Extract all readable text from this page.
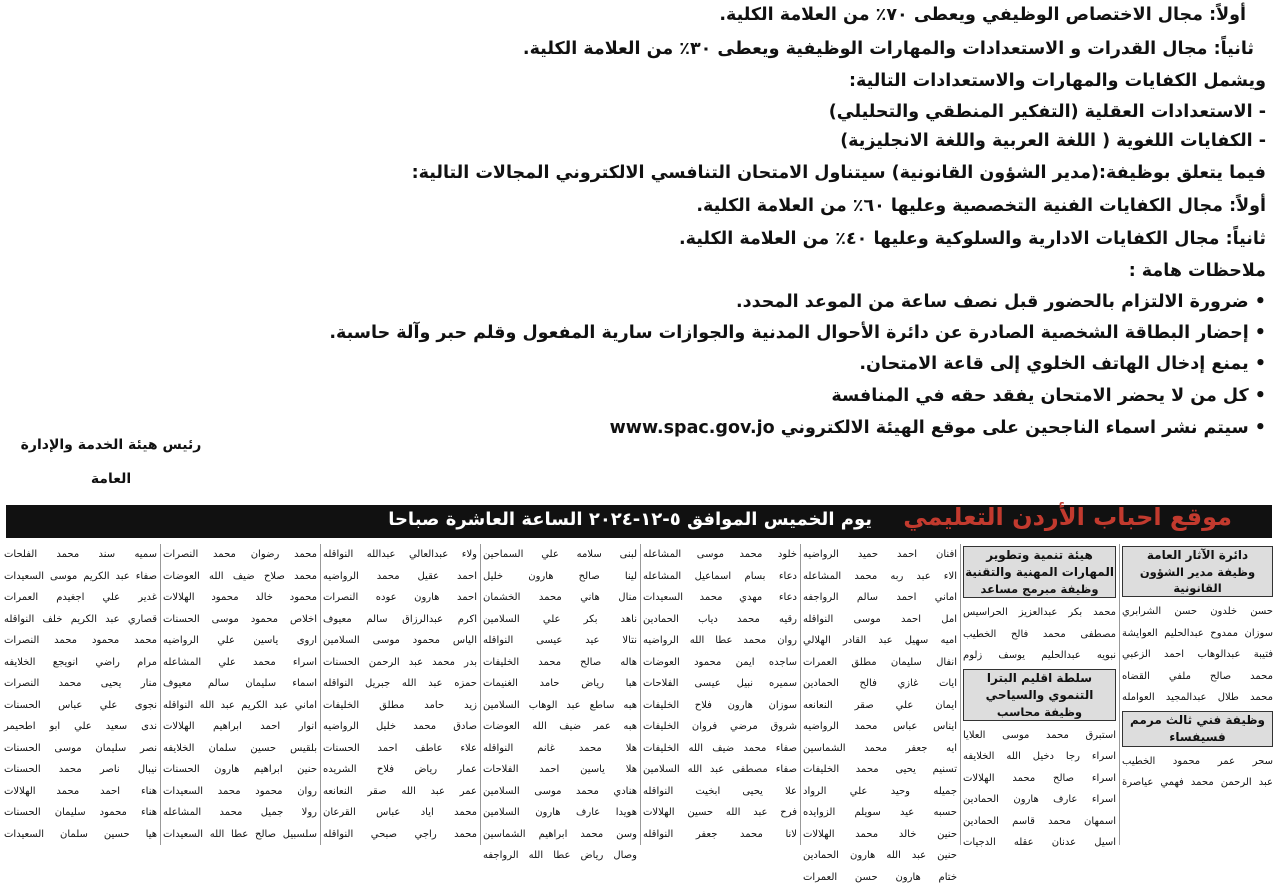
أولاً: مجال الاختصاص الوظيفي ويعطى ٧٠٪ من العلامة الكلية.
ثانياً: مجال القدرات و الاستعدادات والمهارات الوظيفية ويعطى ٣٠٪ من العلامة الكلية.
ويشمل الكفايات والمهارات والاستعدادات التالية:
- الاستعدادات العقلية (التفكير المنطقي والتحليلي)
- الكفايات اللغوية ( اللغة العربية واللغة الانجليزية)
فيما يتعلق بوظيفة:(مدير الشؤون القانونية) سيتناول الامتحان التنافسي الالكتروني المجالات التالية:
أولاً: مجال الكفايات الفنية التخصصية وعليها ٦٠٪ من العلامة الكلية.
ثانياً: مجال الكفايات الادارية والسلوكية وعليها ٤٠٪ من العلامة الكلية.
ملاحظات هامة :
• ضرورة الالتزام بالحضور قبل نصف ساعة من الموعد المحدد.
• إحضار البطاقة الشخصية الصادرة عن دائرة الأحوال المدنية والجوازات سارية المفعول وقلم حبر وآلة حاسبة.
• يمنع إدخال الهاتف الخلوي إلى قاعة الامتحان.
• كل من لا يحضر الامتحان يفقد حقه في المنافسة
• سيتم نشر اسماء الناجحين على موقع الهيئة الالكتروني www.spac.gov.jo
رئيس هيئة الخدمة والإدارة العامة
موقع احباب الأردن التعليمي
يوم الخميس الموافق ٥-١٢-٢٠٢٤ الساعة العاشرة صباحا
دائرة الآثار العامة

وظيفة مدير الشؤون القانونية
حسن خلدون حسن الشرابري
سوزان ممدوح عبدالحليم العوايشة
فتيبة عبدالوهاب احمد الزعبي
محمد صالح ملفي القضاه
محمد طلال عبدالمجيد العوامله
وظيفة فني ثالث مرمم فسيفساء
سحر عمر محمود الخطيب
عبد الرحمن محمد فهمي عياصرة
هيئة تنمية وتطوير المهارات المهنية والتقنية

وظيفة مبرمج مساعد
محمد بكر عبدالعزيز الحراسيس
مصطفى محمد فالح الخطيب
نبويه عبدالحليم يوسف زلوم
سلطة اقليم البترا التنموي والسياحي

وظيفة محاسب
استبرق محمد موسى العلايا
اسراء رجا دخيل الله الخلايفه
اسراء صالح محمد الهلالات
اسراء عارف هارون الحمادين
اسمهان محمد قاسم الحمادين
اسيل عدنان عقله الدجيات
افنان احمد حميد الرواضيه
الاء عبد ربه محمد المشاعله
اماني احمد سالم الرواجفه
امل احمد موسى النواقله
اميه سهيل عبد القادر الهلالي
انفال سليمان مطلق العمرات
ايات غازي فالح الحمادين
ايمان علي صقر النعانعه
ايناس عباس محمد الرواضيه
ايه جعفر محمد الشماسين
تسنيم يحيى محمد الخليفات
جميله وحيد علي الرواد
حسبه عيد سويلم الزوايده
حنين خالد محمد الهلالات
حنين عبد الله هارون الحمادين
ختام هارون حسن العمرات
خلود محمد موسى المشاعله
دعاء بسام اسماعيل المشاعله
دعاء مهدي محمد السعيدات
رقيه محمد دياب الحمادين
روان محمد عطا الله الرواضيه
ساجده ايمن محمود العوضات
سميره نبيل عيسى الفلاحات
سوزان هارون فلاح الخليفات
شروق مرضي فروان الخليفات
صفاء محمد ضيف الله الخليفات
صفاء مصطفى عبد الله السلامين
علا يحيى ابخيت النواقله
فرح عبد الله حسين الهلالات
لانا محمد جعفر النواقله
لبنى سلامه علي السماحين
لينا صالح هارون خليل
منال هاني محمد الخشمان
ناهد بكر علي السلامين
نتالا عيد عيسى النواقله
هاله صالح محمد الخليفات
هبا رياض حامد الغنيمات
هبه ساطع عبد الوهاب السلامين
هبه عمر ضيف الله العوضات
هلا محمد غانم النواقله
هلا ياسين احمد الفلاحات
هنادي محمد موسى السلامين
هويدا عارف هارون السلامين
وسن محمد ابراهيم الشماسين
وصال رياض عطا الله الرواجفه
ولاء عبدالعالي عبدالله النواقله
احمد عقيل محمد الرواضيه
احمد هارون عوده النصرات
اكرم عبدالرزاق سالم معيوف
الياس محمود موسى السلامين
بدر محمد عبد الرحمن الحسنات
حمزه عبد الله جبريل النواقله
زيد حامد مطلق الخليفات
صادق محمد خليل الرواضيه
علاء عاطف احمد الحسنات
عمار رياض فلاح الشريده
عمر عبد الله صقر النعانعه
محمد اياد عباس القرعان
محمد راجي صبحي النواقله
محمد رضوان محمد النصرات
محمد صلاح ضيف الله العوضات
محمود خالد محمود الهلالات
اخلاص محمود موسى الحسنات
اروى ياسين علي الرواضيه
اسراء محمد علي المشاعله
اسماء سليمان سالم معيوف
اماني عبد الكريم عبد الله النواقله
انوار احمد ابراهيم الهلالات
بلقيس حسين سلمان الخلايفه
حنين ابراهيم هارون الحسنات
روان محمود محمد السعيدات
رولا جميل محمد المشاعله
سلسبيل صالح عطا الله السعيدات
سميه سند محمد الفلحات
صفاء عبد الكريم موسى السعيدات
غدير علي اجغيدم العمرات
قصاري عبد الكريم خلف النواقله
محمد محمود محمد النصرات
مرام راضي انويجع الخلايفه
منار يحيى محمد النصرات
نجوى علي عباس الحسنات
ندى سعيد علي ابو اطحيمر
نصر سليمان موسى الحسنات
نيبال ناصر محمد الحسنات
هناء احمد محمد الهلالات
هناء محمود سليمان الحسنات
هيا حسين سلمان السعيدات
